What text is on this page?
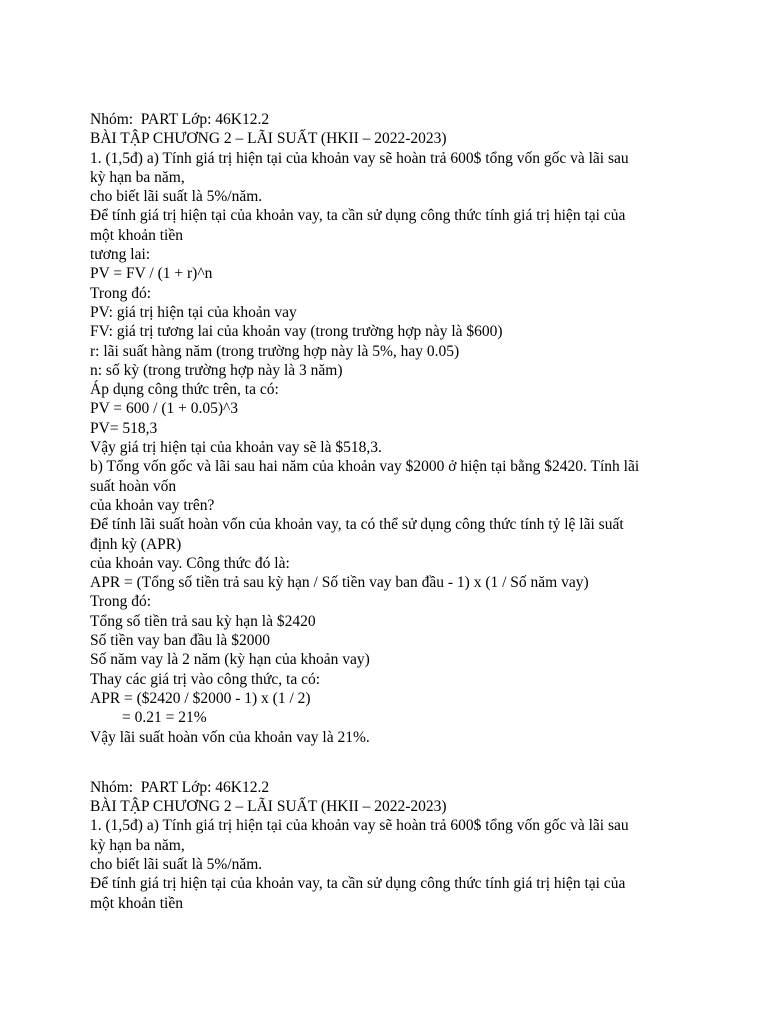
Nhóm:  PART Lớp: 46K12.2
BÀI TẬP CHƯƠNG 2 – LÃI SUẤT (HKII – 2022-2023)
1. (1,5đ) a) Tính giá trị hiện tại của khoản vay sẽ hoàn trả 600$ tổng vốn gốc và lãi sau
kỳ hạn ba năm,
cho biết lãi suất là 5%/năm.
Để tính giá trị hiện tại của khoản vay, ta cần sử dụng công thức tính giá trị hiện tại của
một khoản tiền
tương lai:
PV = FV / (1 + r)^n
Trong đó:
PV: giá trị hiện tại của khoản vay
FV: giá trị tương lai của khoản vay (trong trường hợp này là $600)
r: lãi suất hàng năm (trong trường hợp này là 5%, hay 0.05)
n: số kỳ (trong trường hợp này là 3 năm)
Áp dụng công thức trên, ta có:
PV = 600 / (1 + 0.05)^3
PV= 518,3
Vậy giá trị hiện tại của khoản vay sẽ là $518,3.
b) Tổng vốn gốc và lãi sau hai năm của khoản vay $2000 ở hiện tại bằng $2420. Tính lãi
suất hoàn vốn
của khoản vay trên?
Để tính lãi suất hoàn vốn của khoản vay, ta có thể sử dụng công thức tính tỷ lệ lãi suất
định kỳ (APR)
của khoản vay. Công thức đó là:
APR = (Tổng số tiền trả sau kỳ hạn / Số tiền vay ban đầu - 1) x (1 / Số năm vay)
Trong đó:
Tổng số tiền trả sau kỳ hạn là $2420
Số tiền vay ban đầu là $2000
Số năm vay là 2 năm (kỳ hạn của khoản vay)
Thay các giá trị vào công thức, ta có:
APR = ($2420 / $2000 - 1) x (1 / 2)
= 0.21 = 21%
Vậy lãi suất hoàn vốn của khoản vay là 21%.
Nhóm:  PART Lớp: 46K12.2
BÀI TẬP CHƯƠNG 2 – LÃI SUẤT (HKII – 2022-2023)
1. (1,5đ) a) Tính giá trị hiện tại của khoản vay sẽ hoàn trả 600$ tổng vốn gốc và lãi sau
kỳ hạn ba năm,
cho biết lãi suất là 5%/năm.
Để tính giá trị hiện tại của khoản vay, ta cần sử dụng công thức tính giá trị hiện tại của
một khoản tiền
